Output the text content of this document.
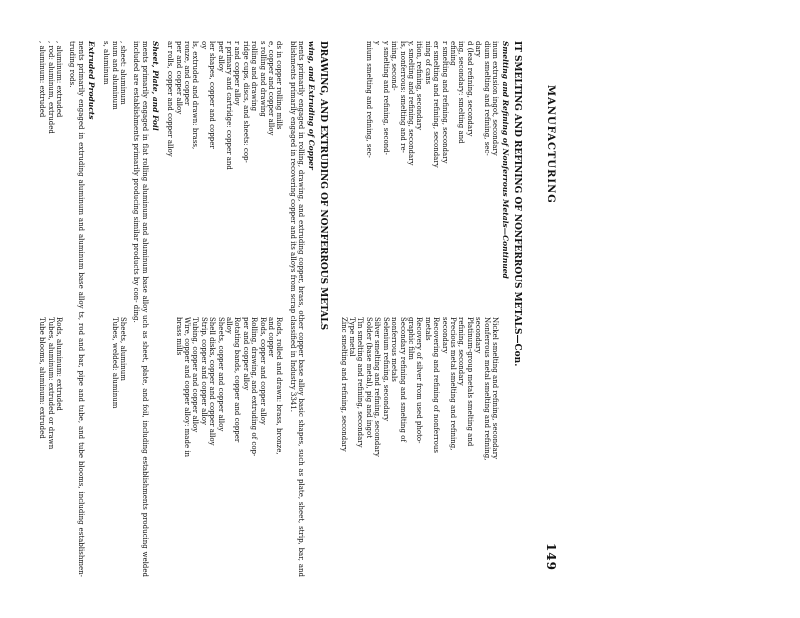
MANUFACTURING
149
IT SMELTING AND REFINING OF NONFERROUS METALS—Con.
Smelting and Refining of Nonferrous Metals—Continued
inum extrusion ingot, secondary
dium smelting and refining, sec-
dary
d (lead refining, secondary
ing, secondary: smelting and
efining
r smelting and refining, secondary
er smelting and refining, secondary
ning of cans
ition, refining, secondary
y, smelting and refining, secondary
ls, nonferrous: smelting and re-
ining, second-
y smelting and refining, second-
y
mium smelting and refining, sec-
Nickel smelting and refining, secondary
Nonferrous metal smelting and refining,
secondary
Platinum-group metals smelting and
refining, secondary
Precious metal smelting and refining,
secondary
Recovering and refining of nonferrous
metals
Recovery of silver from used photo-
graphic film
Secondary refining and smelting of
nonferrous metals
Selenium refining, secondary
Silver smelting and refining, secondary
Solder (base metal), pig and ingot
Tin smelting and refining, secondary
Type metal
Zinc smelting and refining, secondary
DRAWING, AND EXTRUDING OF NONFERROUS METALS
wing, and Extruding of Copper

nents primarily engaged in rolling, drawing, and extruding copper, brass, other copper base alloy basic shapes, such as plate, sheet, strip, bar, and blishments primarily engaged in recovering copper and its alloys from scrap classified in Industry 3341.

ds in copper rolling mills
e, copper and copper alloy
s rolling and drawing
rolling and drawing
ridge cups, discs, and sheets: cop-
r and copper alloy
r primary and cartridge: copper and
per alloy
ler shapes, copper and copper
oy
ls, extruded and drawn: brass,
ronze, and copper
per and copper alloy
ar rolls, copper and copper alloy
Rods, rolled and drawn: brass, bronze,
and copper
Rods, copper and copper alloy
Rolling, drawing, and extruding of cop-
per and copper alloy
Rotating bands, copper and copper
alloy
Sheets, copper and copper alloy
Shell disks, copper and copper alloy
Strip, copper and copper alloy
Tubing, copper and copper alloy
Wire, copper and copper alloy: made in
brass mills
Sheet, Plate, and Foil

ments primarily engaged in flat rolling aluminum and aluminum base alloy uch as sheet, plate, and foil, including establishments producing welded included are establishments primarily producing similar products by con- ding.

, sheet: aluminum
num and aluminum
s, aluminum
Sheets, aluminum
Tubes, welded: aluminum
Extruded Products

nents primarily engaged in extruding aluminum and aluminum base alloy ts, rod and bar, pipe and tube, and tube blooms, including establishmen- truding rods.

, aluminum: extruded
, rod: aluminum, extruded
, aluminum: extruded
Rods, aluminum: extruded
Tubes, aluminum: extruded or drawn
Tube blooms, aluminum: extruded
